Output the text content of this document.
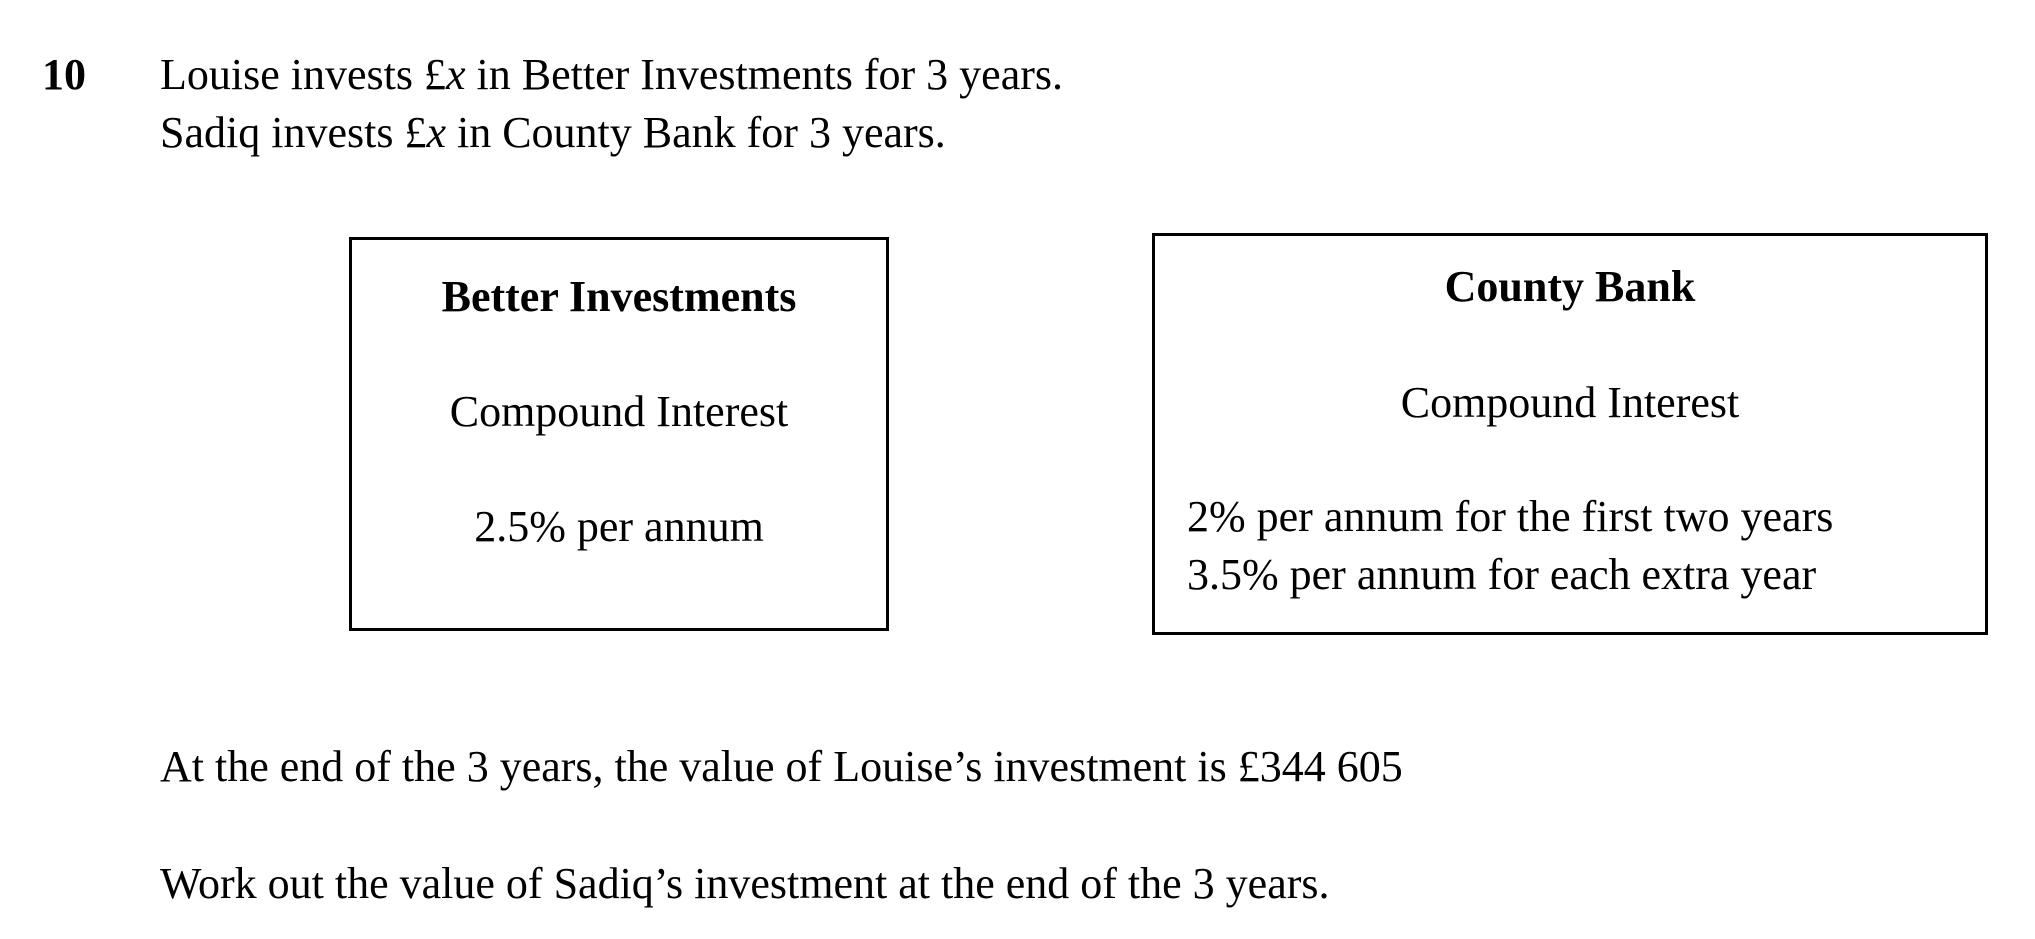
10 Louise invests £x in Better Investments for 3 years.
Sadiq invests £x in County Bank for 3 years.
Better Investments
Compound Interest
2.5% per annum
County Bank
Compound Interest
2% per annum for the first two years
3.5% per annum for each extra year
At the end of the 3 years, the value of Louise’s investment is £344 605
Work out the value of Sadiq’s investment at the end of the 3 years.
